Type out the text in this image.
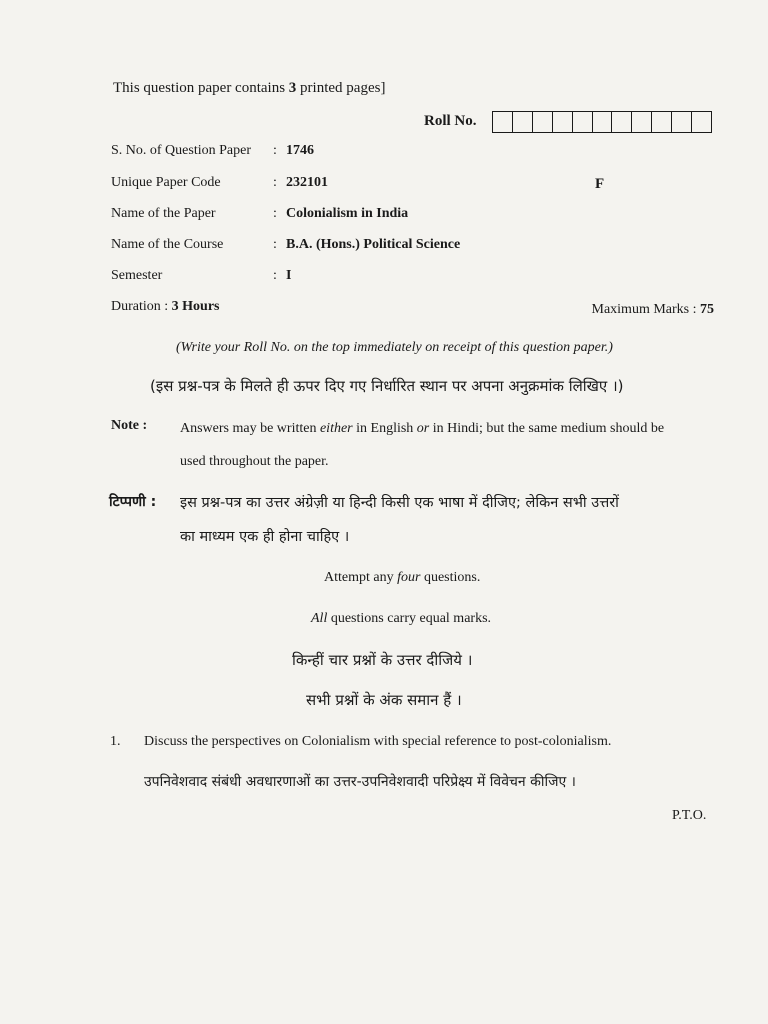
This question paper contains 3 printed pages]
Roll No.
S. No. of Question Paper : 1746
Unique Paper Code	: 232101
Name of the Paper	: Colonialism in India
Name of the Course	: B.A. (Hons.) Political Science
Semester	: I
F
Duration : 3 Hours	Maximum Marks : 75
(Write your Roll No. on the top immediately on receipt of this question paper.)
(इस प्रश्न-पत्र के मिलते ही ऊपर दिए गए निर्धारित स्थान पर अपना अनुक्रमांक लिखिए ।)
Note : Answers may be written either in English or in Hindi; but the same medium should be
used throughout the paper.
टिप्पणी : इस प्रश्न-पत्र का उत्तर अंग्रेज़ी या हिन्दी किसी एक भाषा में दीजिए; लेकिन सभी उत्तरों
का माध्यम एक ही होना चाहिए ।
Attempt any four questions.
All questions carry equal marks.
किन्हीं चार प्रश्नों के उत्तर दीजिये ।
सभी प्रश्नों के अंक समान हैं ।
1. Discuss the perspectives on Colonialism with special reference to post-colonialism.
उपनिवेशवाद संबंधी अवधारणाओं का उत्तर-उपनिवेशवादी परिप्रेक्ष्य में विवेचन कीजिए ।
P.T.O.
